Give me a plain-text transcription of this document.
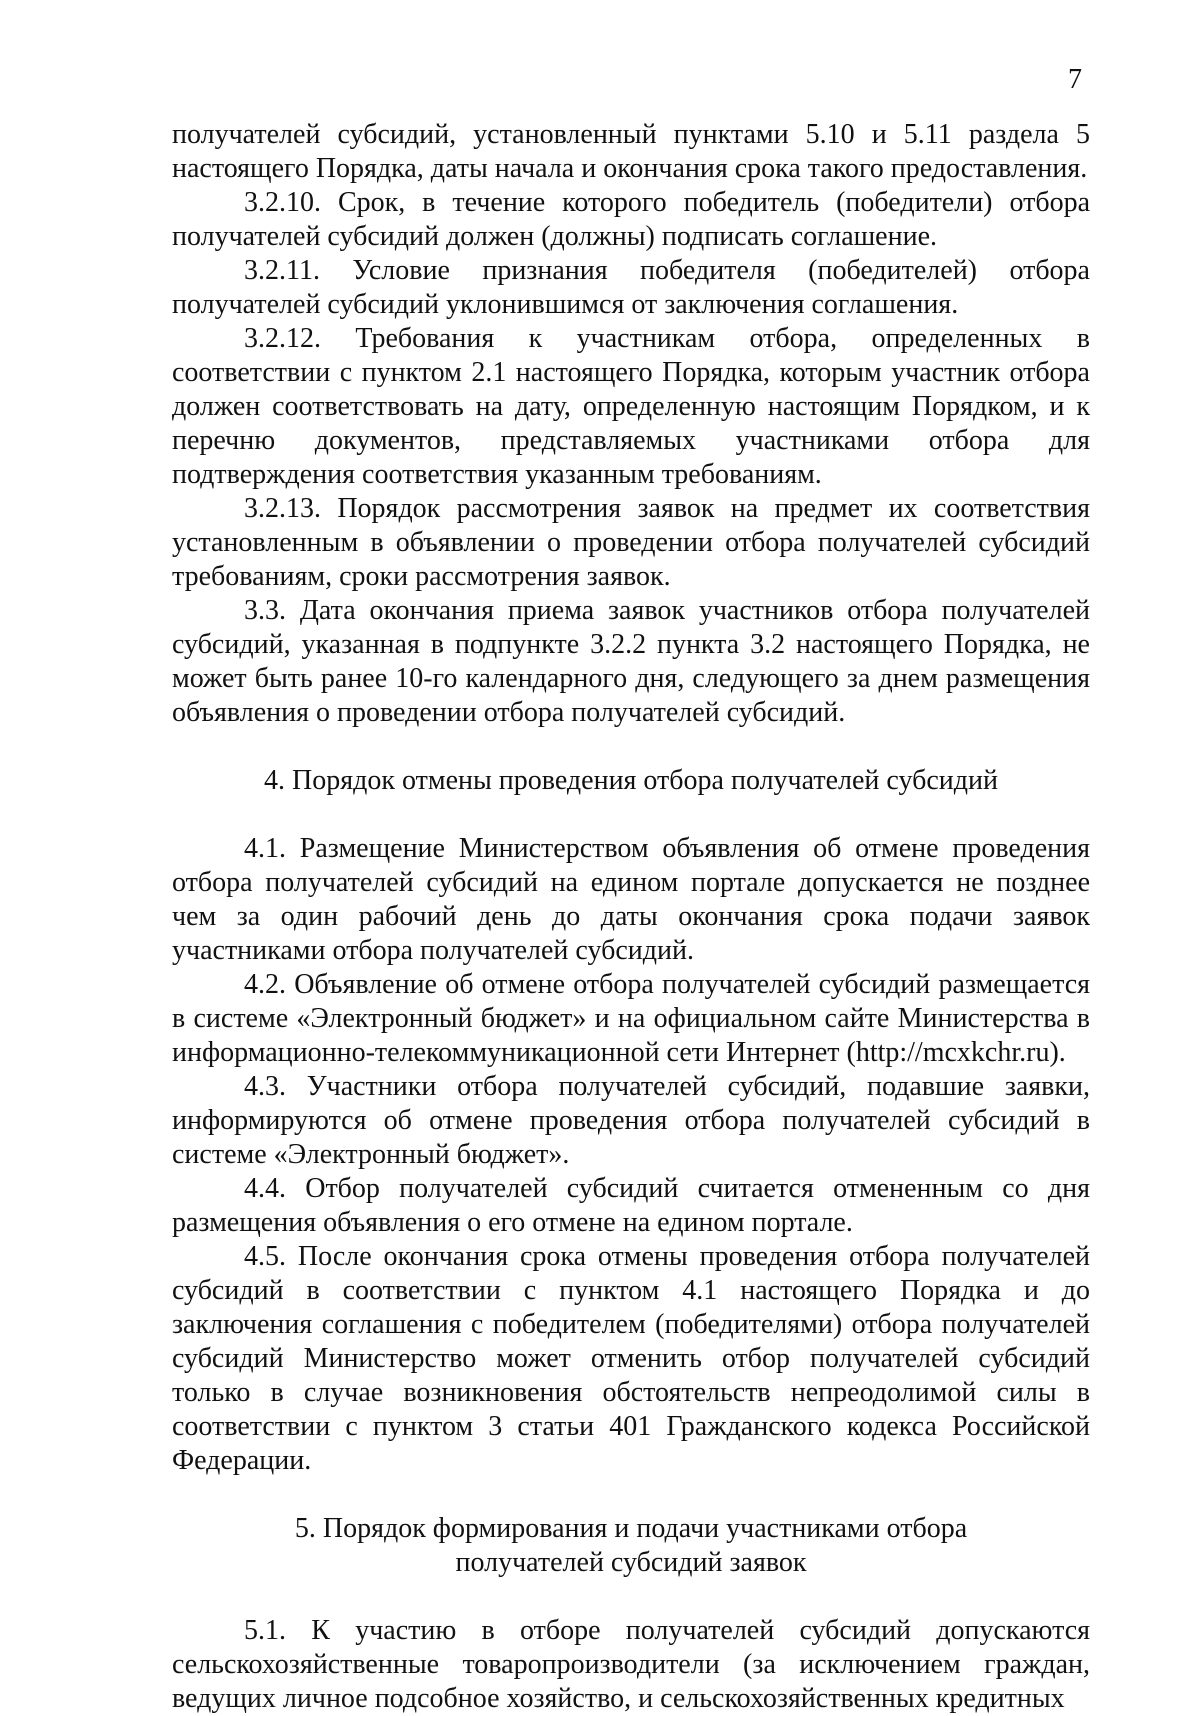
7

получателей субсидий, установленный пунктами 5.10 и 5.11 раздела 5 настоящего Порядка, даты начала и окончания срока такого предоставления.

3.2.10. Срок, в течение которого победитель (победители) отбора получателей субсидий должен (должны) подписать соглашение.

3.2.11. Условие признания победителя (победителей) отбора получателей субсидий уклонившимся от заключения соглашения.

3.2.12. Требования к участникам отбора, определенных в соответствии с пунктом 2.1 настоящего Порядка, которым участник отбора должен соответствовать на дату, определенную настоящим Порядком, и к перечню документов, представляемых участниками отбора для подтверждения соответствия указанным требованиям.

3.2.13. Порядок рассмотрения заявок на предмет их соответствия установленным в объявлении о проведении отбора получателей субсидий требованиям, сроки рассмотрения заявок.

3.3. Дата окончания приема заявок участников отбора получателей субсидий, указанная в подпункте 3.2.2 пункта 3.2 настоящего Порядка, не может быть ранее 10-го календарного дня, следующего за днем размещения объявления о проведении отбора получателей субсидий.

4. Порядок отмены проведения отбора получателей субсидий

4.1. Размещение Министерством объявления об отмене проведения отбора получателей субсидий на едином портале допускается не позднее чем за один рабочий день до даты окончания срока подачи заявок участниками отбора получателей субсидий.

4.2. Объявление об отмене отбора получателей субсидий размещается в системе «Электронный бюджет» и на официальном сайте Министерства в информационно-телекоммуникационной сети Интернет (http://mcxkchr.ru).

4.3. Участники отбора получателей субсидий, подавшие заявки, информируются об отмене проведения отбора получателей субсидий в системе «Электронный бюджет».

4.4. Отбор получателей субсидий считается отмененным со дня размещения объявления о его отмене на едином портале.

4.5. После окончания срока отмены проведения отбора получателей субсидий в соответствии с пунктом 4.1 настоящего Порядка и до заключения соглашения с победителем (победителями) отбора получателей субсидий Министерство может отменить отбор получателей субсидий только в случае возникновения обстоятельств непреодолимой силы в соответствии с пунктом 3 статьи 401 Гражданского кодекса Российской Федерации.

5. Порядок формирования и подачи участниками отбора
получателей субсидий заявок

5.1. К участию в отборе получателей субсидий допускаются сельскохозяйственные товаропроизводители (за исключением граждан, ведущих личное подсобное хозяйство, и сельскохозяйственных кредитных
